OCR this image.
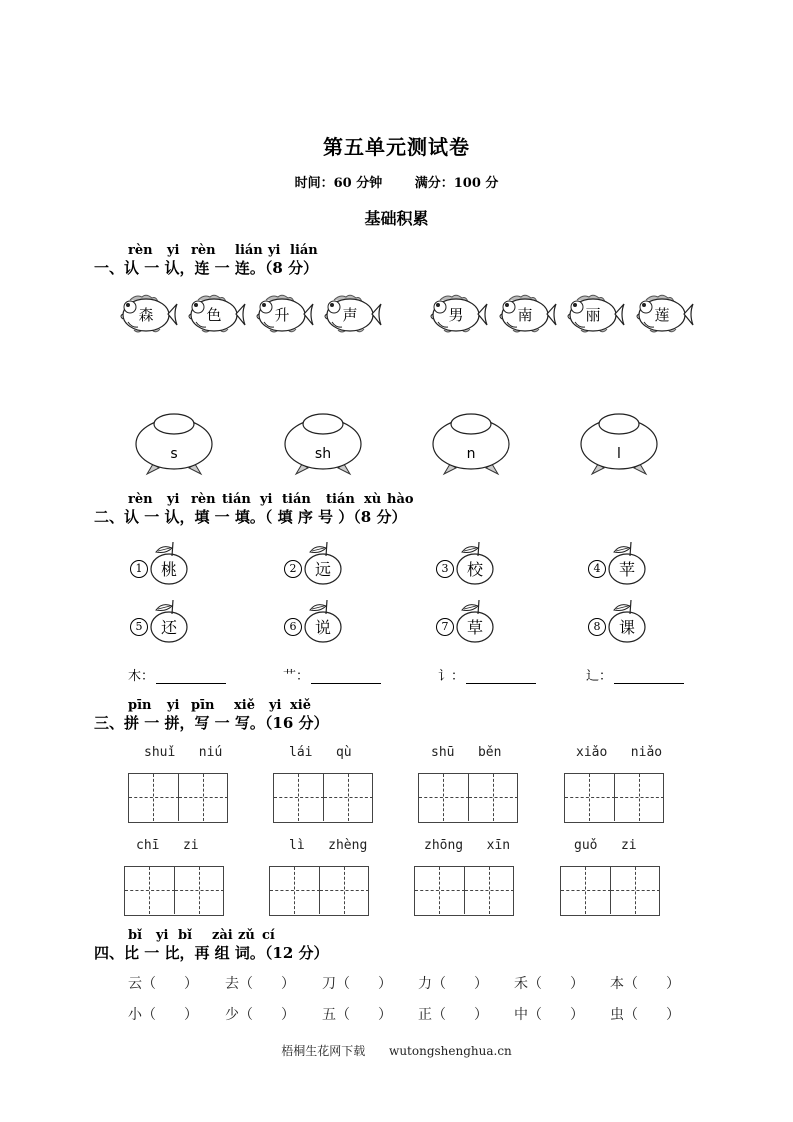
第五单元测试卷
时间：60 分钟	满分：100 分
基础积累
rèn yi rèn lián yi lián
一、认 一 认，连 一 连。（8 分）
森	色	升	声	男	南	丽	莲
s	sh	n	l
rèn yi rèn tián yi tián tián xù hào
二、认 一 认，填 一 填。（ 填 序 号 ）（8 分）
1	桃	2	远	3	校	4	苹
5	还	6	说	7	草	8	课
木：	艹：	讠：	辶：
pīn yi pīn xiě yi xiě
三、拼 一 拼，写 一 写。（16 分）
shuǐ niú	lái qù	shū běn	xiǎo niǎo
chī zi	lì zhèng	zhōng xīn	guǒ zi
bǐ yi bǐ zài zǔ cí
四、比 一 比，再 组 词。（12 分）
云（　　） 去（　　） 刀（　　） 力（　　） 禾（　　） 本（　　）
小（　　） 少（　　） 五（　　） 正（　　） 中（　　） 虫（　　）
梧桐生花网下载 wutongshenghua.cn
